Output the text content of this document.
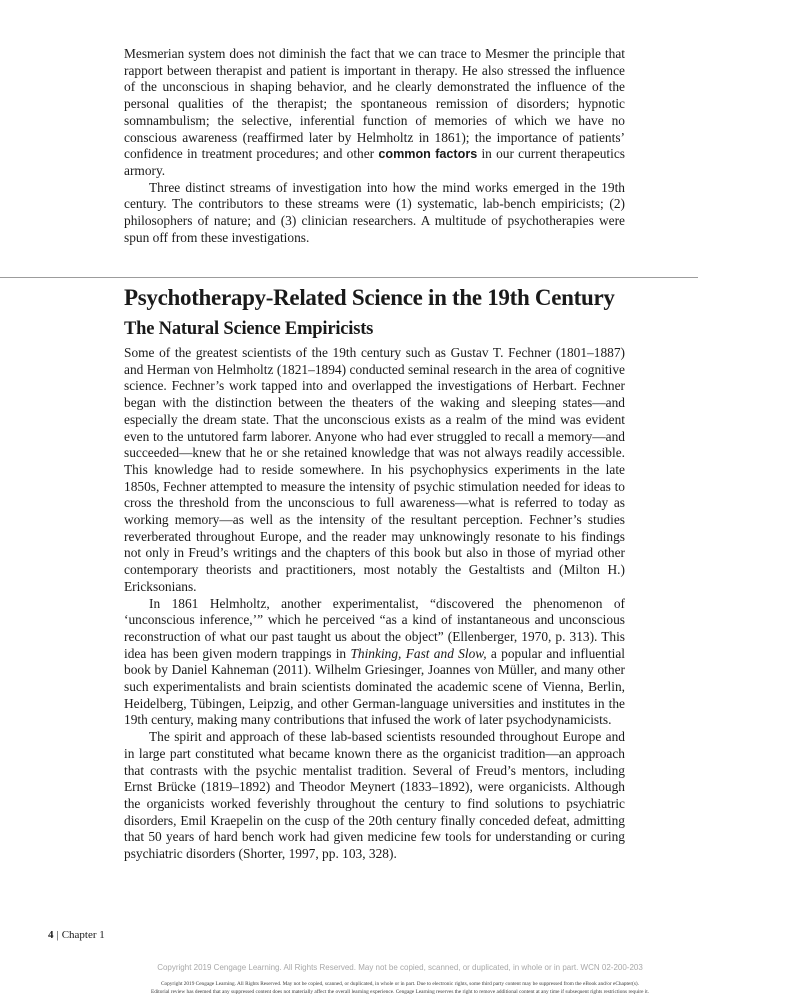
Mesmerian system does not diminish the fact that we can trace to Mesmer the principle that rapport between therapist and patient is important in therapy. He also stressed the influence of the unconscious in shaping behavior, and he clearly demonstrated the influence of the personal qualities of the therapist; the spontaneous remission of disorders; hypnotic somnambulism; the selective, inferential function of memories of which we have no conscious awareness (reaffirmed later by Helmholtz in 1861); the importance of patients’ confidence in treatment procedures; and other common factors in our current therapeutics armory.

Three distinct streams of investigation into how the mind works emerged in the 19th century. The contributors to these streams were (1) systematic, lab-bench empiricists; (2) philosophers of nature; and (3) clinician researchers. A multitude of psychotherapies were spun off from these investigations.

Psychotherapy-Related Science in the 19th Century
The Natural Science Empiricists

Some of the greatest scientists of the 19th century such as Gustav T. Fechner (1801–1887) and Herman von Helmholtz (1821–1894) conducted seminal research in the area of cognitive science. Fechner’s work tapped into and overlapped the investigations of Herbart. Fechner began with the distinction between the theaters of the waking and sleeping states—and especially the dream state. That the unconscious exists as a realm of the mind was evident even to the untutored farm laborer. Anyone who had ever struggled to recall a memory—and succeeded—knew that he or she retained knowledge that was not always readily accessible. This knowledge had to reside somewhere. In his psychophysics experiments in the late 1850s, Fechner attempted to measure the intensity of psychic stimulation needed for ideas to cross the threshold from the unconscious to full awareness—what is referred to today as working memory—as well as the intensity of the resultant perception. Fechner’s studies reverberated throughout Europe, and the reader may unknowingly resonate to his findings not only in Freud’s writings and the chapters of this book but also in those of myriad other contemporary theorists and practitioners, most notably the Gestaltists and (Milton H.) Ericksonians.

In 1861 Helmholtz, another experimentalist, “discovered the phenomenon of ‘unconscious inference,’” which he perceived “as a kind of instantaneous and unconscious reconstruction of what our past taught us about the object” (Ellenberger, 1970, p. 313). This idea has been given modern trappings in Thinking, Fast and Slow, a popular and influential book by Daniel Kahneman (2011). Wilhelm Griesinger, Joannes von Müller, and many other such experimentalists and brain scientists dominated the academic scene of Vienna, Berlin, Heidelberg, Tübingen, Leipzig, and other German-language universities and institutes in the 19th century, making many contributions that infused the work of later psychodynamicists.

The spirit and approach of these lab-based scientists resounded throughout Europe and in large part constituted what became known there as the organicist tradition—an approach that contrasts with the psychic mentalist tradition. Several of Freud’s mentors, including Ernst Brücke (1819–1892) and Theodor Meynert (1833–1892), were organicists. Although the organicists worked feverishly throughout the century to find solutions to psychiatric disorders, Emil Kraepelin on the cusp of the 20th century finally conceded defeat, admitting that 50 years of hard bench work had given medicine few tools for understanding or curing psychiatric disorders (Shorter, 1997, pp. 103, 328).

4 | Chapter 1
Copyright 2019 Cengage Learning. All Rights Reserved. May not be copied, scanned, or duplicated, in whole or in part. WCN 02-200-203
Copyright 2019 Cengage Learning. All Rights Reserved. May not be copied, scanned, or duplicated, in whole or in part. Due to electronic rights, some third party content may be suppressed from the eBook and/or eChapter(s).
Editorial review has deemed that any suppressed content does not materially affect the overall learning experience. Cengage Learning reserves the right to remove additional content at any time if subsequent rights restrictions require it.
